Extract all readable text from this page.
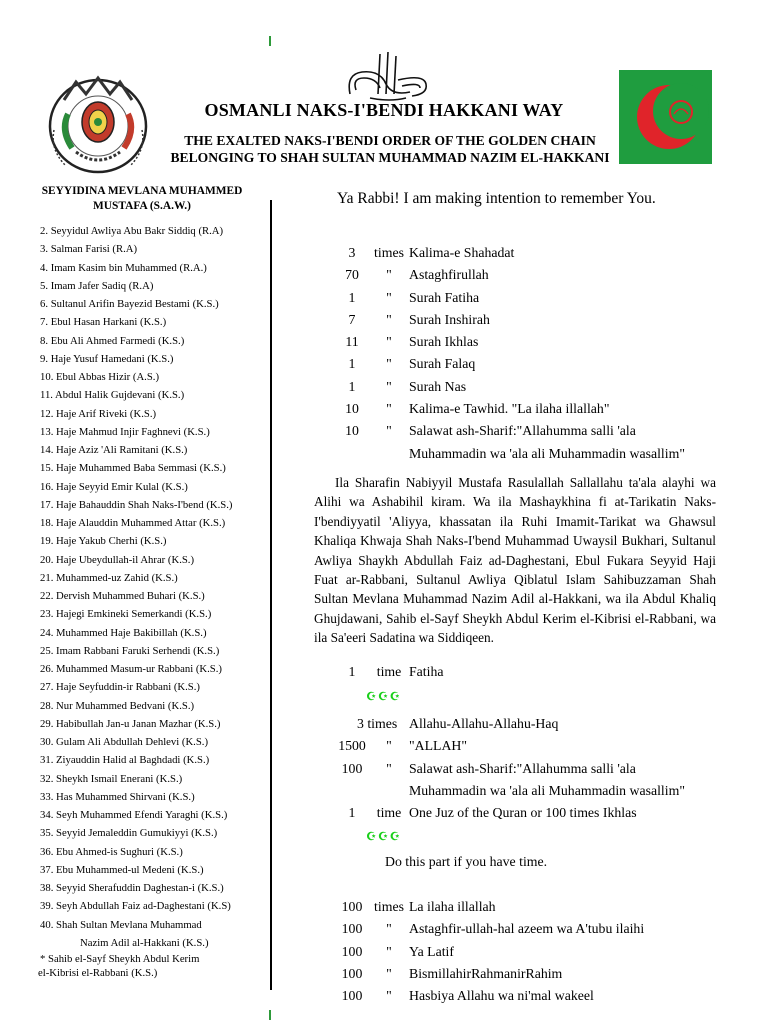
OSMANLI NAKS-I'BENDI HAKKANI WAY
THE EXALTED NAKS-I'BENDI ORDER OF THE GOLDEN CHAIN
BELONGING TO SHAH SULTAN MUHAMMAD NAZIM EL-HAKKANI
SEYYIDINA MEVLANA MUHAMMED
MUSTAFA (S.A.W.)
2. Seyyidul Awliya Abu Bakr Siddiq (R.A)
3. Salman Farisi (R.A)
4. Imam Kasim bin Muhammed (R.A.)
5. Imam Jafer Sadiq (R.A)
6. Sultanul Arifin Bayezid Bestami (K.S.)
7. Ebul Hasan Harkani (K.S.)
8. Ebu Ali Ahmed Farmedi (K.S.)
9. Haje Yusuf Hamedani (K.S.)
10. Ebul Abbas Hizir (A.S.)
11. Abdul Halik Gujdevani (K.S.)
12. Haje Arif Riveki (K.S.)
13. Haje Mahmud Injir Faghnevi (K.S.)
14. Haje Aziz 'Ali Ramitani (K.S.)
15. Haje Muhammed Baba Semmasi (K.S.)
16. Haje Seyyid Emir Kulal (K.S.)
17. Haje Bahauddin Shah Naks-I'bend (K.S.)
18. Haje Alauddin Muhammed Attar (K.S.)
19. Haje Yakub Cherhi (K.S.)
20. Haje Ubeydullah-il Ahrar (K.S.)
21. Muhammed-uz Zahid (K.S.)
22. Dervish Muhammed Buhari (K.S.)
23. Hajegi Emkineki Semerkandi (K.S.)
24. Muhammed Haje Bakibillah (K.S.)
25. Imam Rabbani Faruki Serhendi (K.S.)
26. Muhammed Masum-ur Rabbani (K.S.)
27. Haje Seyfuddin-ir Rabbani (K.S.)
28. Nur Muhammed Bedvani (K.S.)
29. Habibullah Jan-u Janan Mazhar (K.S.)
30. Gulam Ali Abdullah Dehlevi (K.S.)
31. Ziyauddin Halid al Baghdadi (K.S.)
32. Sheykh Ismail Enerani (K.S.)
33. Has Muhammed Shirvani (K.S.)
34. Seyh Muhammed Efendi Yaraghi (K.S.)
35. Seyyid Jemaleddin Gumukiyyi (K.S.)
36. Ebu Ahmed-is Sughuri (K.S.)
37. Ebu Muhammed-ul Medeni (K.S.)
38. Seyyid Sherafuddin Daghestan-i (K.S.)
39. Seyh Abdullah Faiz ad-Daghestani (K.S)
40. Shah Sultan Mevlana Muhammad
Nazim Adil al-Hakkani (K.S.)
* Sahib el-Sayf Sheykh Abdul Kerim
el-Kibrisi el-Rabbani (K.S.)
Ya Rabbi! I am making intention to remember You.
3	times Kalima-e Shahadat
70	"	Astaghfirullah
1	"	Surah Fatiha
7	"	Surah Inshirah
11	"	Surah Ikhlas
1	"	Surah Falaq
1	"	Surah Nas
10	"	Kalima-e Tawhid. "La ilaha illallah"
10	"	Salawat ash-Sharif:"Allahumma salli 'ala
Muhammadin wa 'ala ali Muhammadin wasallim"
Ila Sharafin Nabiyyil Mustafa Rasulallah Sallallahu ta'ala alayhi wa Alihi wa Ashabihil kiram. Wa ila Mashaykhina fi at-Tarikatin Naks-I'bendiyyatil 'Aliyya, khassatan ila Ruhi Imamit-Tarikat wa Ghawsul Khaliqa Khwaja Shah Naks-I'bend Muhammad Uwaysil Bukhari, Sultanul Awliya Shaykh Abdullah Faiz ad-Daghestani, Ebul Fukara Seyyid Haji Fuat ar-Rabbani, Sultanul Awliya Qiblatul Islam Sahibuzzaman Shah Sultan Mevlana Muhammad Nazim Adil al-Hakkani, wa ila Abdul Khaliq Ghujdawani, Sahib el-Sayf Sheykh Abdul Kerim el-Kibrisi el-Rabbani, wa ila Sa'eeri Sadatina wa Siddiqeen.
1	time Fatiha
☪☪☪
3 times Allahu-Allahu-Allahu-Haq
1500	"	"ALLAH"
100	"	Salawat ash-Sharif:"Allahumma salli 'ala
Muhammadin wa 'ala ali Muhammadin wasallim"
1	time One Juz of the Quran or 100 times Ikhlas
☪☪☪
Do this part if you have time.
100 times La ilaha illallah
100	"	Astaghfir-ullah-hal azeem wa A'tubu ilaihi
100	"	Ya Latif
100	"	BismillahirRahmanirRahim
100	"	Hasbiya Allahu wa ni'mal wakeel
